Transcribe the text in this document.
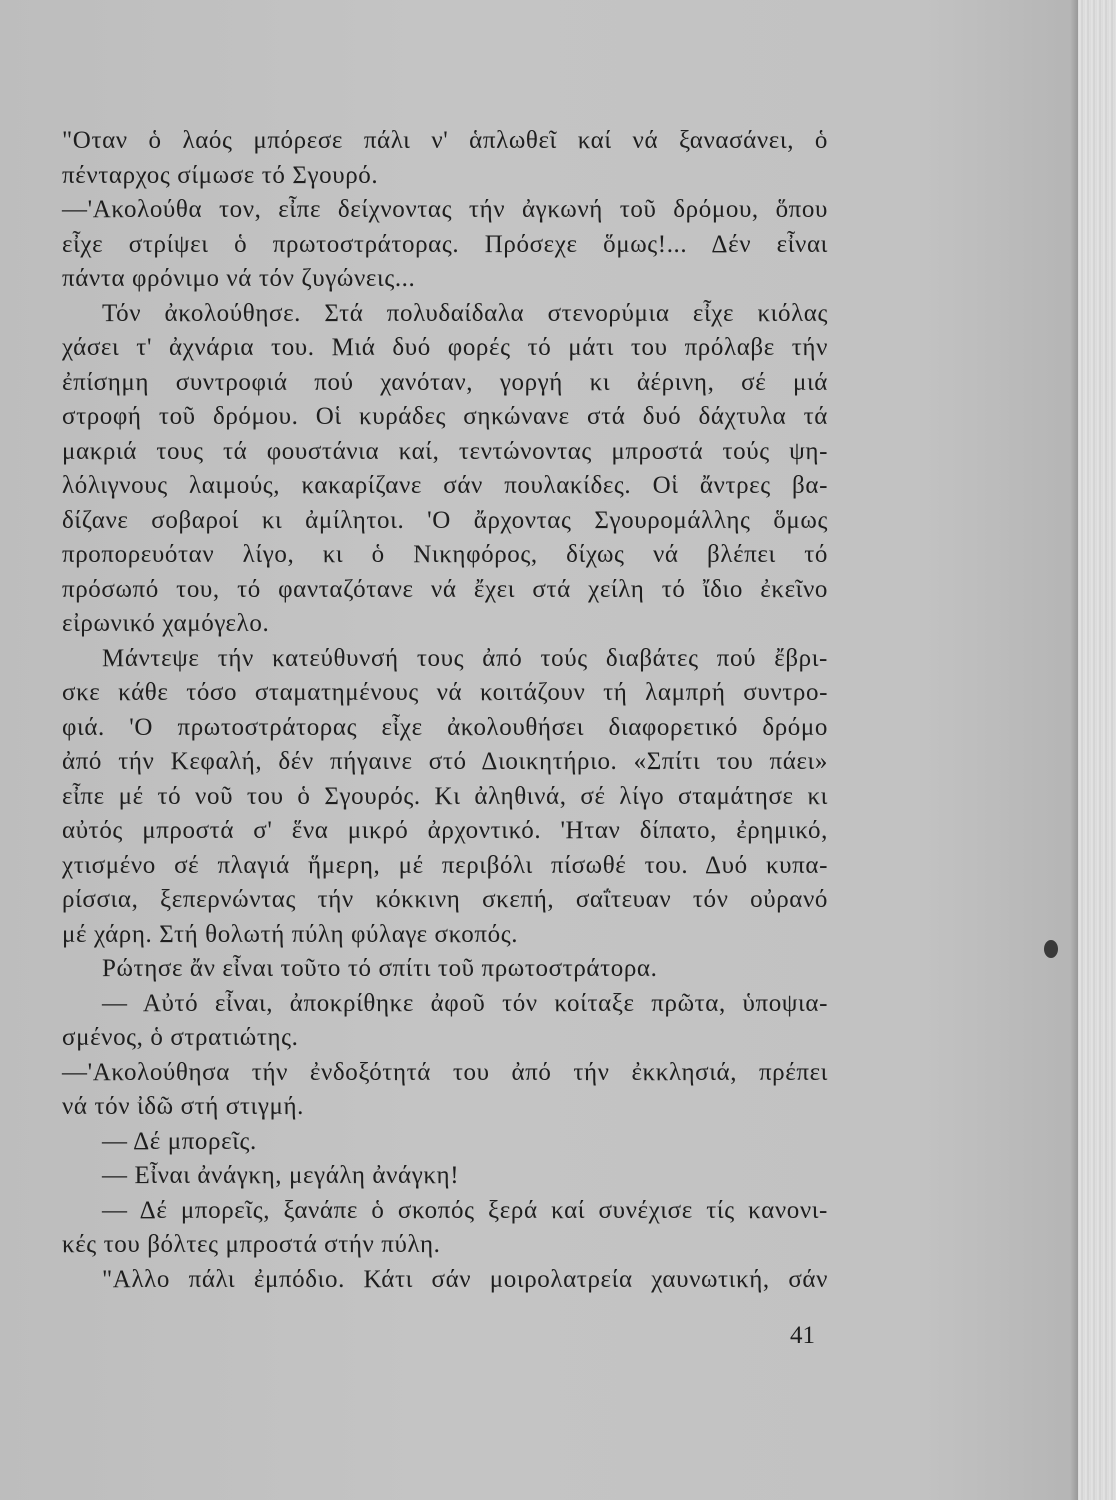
"Οταν ὁ λαός μπόρεσε πάλι ν' ἁπλωθεῖ καί νά ξανασάνει, ὁ
πένταρχος σίμωσε τό Σγουρό.
—'Ακολούθα τον, εἶπε δείχνοντας τήν ἀγκωνή τοῦ δρόμου, ὅπου
εἶχε στρίψει ὁ πρωτοστράτορας. Πρόσεχε ὅμως!... Δέν εἶναι
πάντα φρόνιμο νά τόν ζυγώνεις...
Τόν ἀκολούθησε. Στά πολυδαίδαλα στενορύμια εἶχε κιόλας
χάσει τ' ἀχνάρια του. Μιά δυό φορές τό μάτι του πρόλαβε τήν
ἐπίσημη συντροφιά πού χανόταν, γοργή κι ἀέρινη, σέ μιά
στροφή τοῦ δρόμου. Οἱ κυράδες σηκώνανε στά δυό δάχτυλα τά
μακριά τους τά φουστάνια καί, τεντώνοντας μπροστά τούς ψη-
λόλιγνους λαιμούς, κακαρίζανε σάν πουλακίδες. Οἱ ἄντρες βα-
δίζανε σοβαροί κι ἀμίλητοι. 'Ο ἄρχοντας Σγουρομάλλης ὅμως
προπορευόταν λίγο, κι ὁ Νικηφόρος, δίχως νά βλέπει τό
πρόσωπό του, τό φανταζότανε νά ἔχει στά χείλη τό ἴδιο ἐκεῖνο
εἰρωνικό χαμόγελο.
Μάντεψε τήν κατεύθυνσή τους ἀπό τούς διαβάτες πού ἔβρι-
σκε κάθε τόσο σταματημένους νά κοιτάζουν τή λαμπρή συντρο-
φιά. 'Ο πρωτοστράτορας εἶχε ἀκολουθήσει διαφορετικό δρόμο
ἀπό τήν Κεφαλή, δέν πήγαινε στό Διοικητήριο. «Σπίτι του πάει»
εἶπε μέ τό νοῦ του ὁ Σγουρός. Κι ἀληθινά, σέ λίγο σταμάτησε κι
αὐτός μπροστά σ' ἕνα μικρό ἀρχοντικό. 'Ηταν δίπατο, ἐρημικό,
χτισμένο σέ πλαγιά ἥμερη, μέ περιβόλι πίσωθέ του. Δυό κυπα-
ρίσσια, ξεπερνώντας τήν κόκκινη σκεπή, σαΐτευαν τόν οὐρανό
μέ χάρη. Στή θολωτή πύλη φύλαγε σκοπός.
Ρώτησε ἄν εἶναι τοῦτο τό σπίτι τοῦ πρωτοστράτορα.
— Αὐτό εἶναι, ἀποκρίθηκε ἀφοῦ τόν κοίταξε πρῶτα, ὑποψια-
σμένος, ὁ στρατιώτης.
—'Ακολούθησα τήν ἐνδοξότητά του ἀπό τήν ἐκκλησιά, πρέπει
νά τόν ἰδῶ στή στιγμή.
— Δέ μπορεῖς.
— Εἶναι ἀνάγκη, μεγάλη ἀνάγκη!
— Δέ μπορεῖς, ξανάπε ὁ σκοπός ξερά καί συνέχισε τίς κανονι-
κές του βόλτες μπροστά στήν πύλη.
"Αλλο πάλι ἐμπόδιο. Κάτι σάν μοιρολατρεία χαυνωτική, σάν
41
